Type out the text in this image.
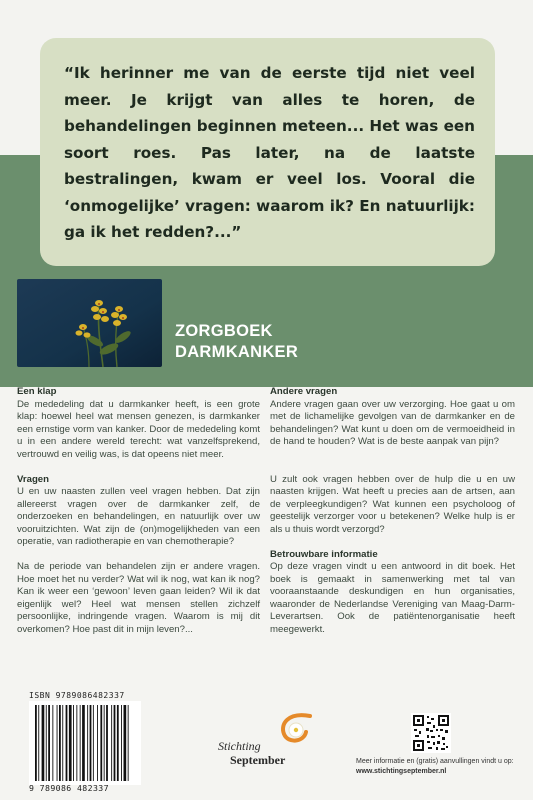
“Ik herinner me van de eerste tijd niet veel meer. Je krijgt van alles te horen, de behandelingen beginnen meteen... Het was een soort roes. Pas later, na de laatste bestralingen, kwam er veel los. Vooral die ‘onmogelijke’ vragen: waarom ik? En natuurlijk: ga ik het redden?...”

ZORGBOEK
DARMKANKER
Een klap

De mededeling dat u darmkanker heeft, is een grote klap: hoewel heel wat mensen genezen, is darmkanker een ernstige vorm van kanker. Door de mededeling komt u in een andere wereld terecht: wat vanzelfsprekend, vertrouwd en veilig was, is dat opeens niet meer.

Vragen

U en uw naasten zullen veel vragen hebben. Dat zijn allereerst vragen over de darmkanker zelf, de onderzoeken en behandelingen, en natuurlijk over uw vooruitzichten. Wat zijn de (on)mogelijkheden van een operatie, van radiotherapie en van chemotherapie?

Na de periode van behandelen zijn er andere vragen. Hoe moet het nu verder? Wat wil ik nog, wat kan ik nog? Kan ik weer een ‘gewoon’ leven gaan leiden? Wil ik dat eigenlijk wel? Heel wat mensen stellen zichzelf persoonlijke, indringende vragen. Waarom is mij dit overkomen? Hoe past dit in mijn leven?...

Andere vragen

Andere vragen gaan over uw verzorging. Hoe gaat u om met de lichamelijke gevolgen van de darmkanker en de behandelingen? Wat kunt u doen om de vermoeidheid in de hand te houden? Wat is de beste aanpak van pijn?

U zult ook vragen hebben over de hulp die u en uw naasten krijgen. Wat heeft u precies aan de artsen, aan de verpleegkundigen? Wat kunnen een psycholoog of geestelijk verzorger voor u betekenen? Welke hulp is er als u thuis wordt verzorgd?

Betrouwbare informatie

Op deze vragen vindt u een antwoord in dit boek. Het boek is gemaakt in samenwerking met tal van vooraanstaande deskundigen en hun organisaties, waaronder de Nederlandse Vereniging van Maag-Darm-Leverartsen. Ook de patiëntenorganisatie heeft meegewerkt.

ISBN 9789086482337
9 789086 482337
Stichting
September	Meer informatie en (gratis) aanvullingen vindt u op:
www.stichtingseptember.nl
